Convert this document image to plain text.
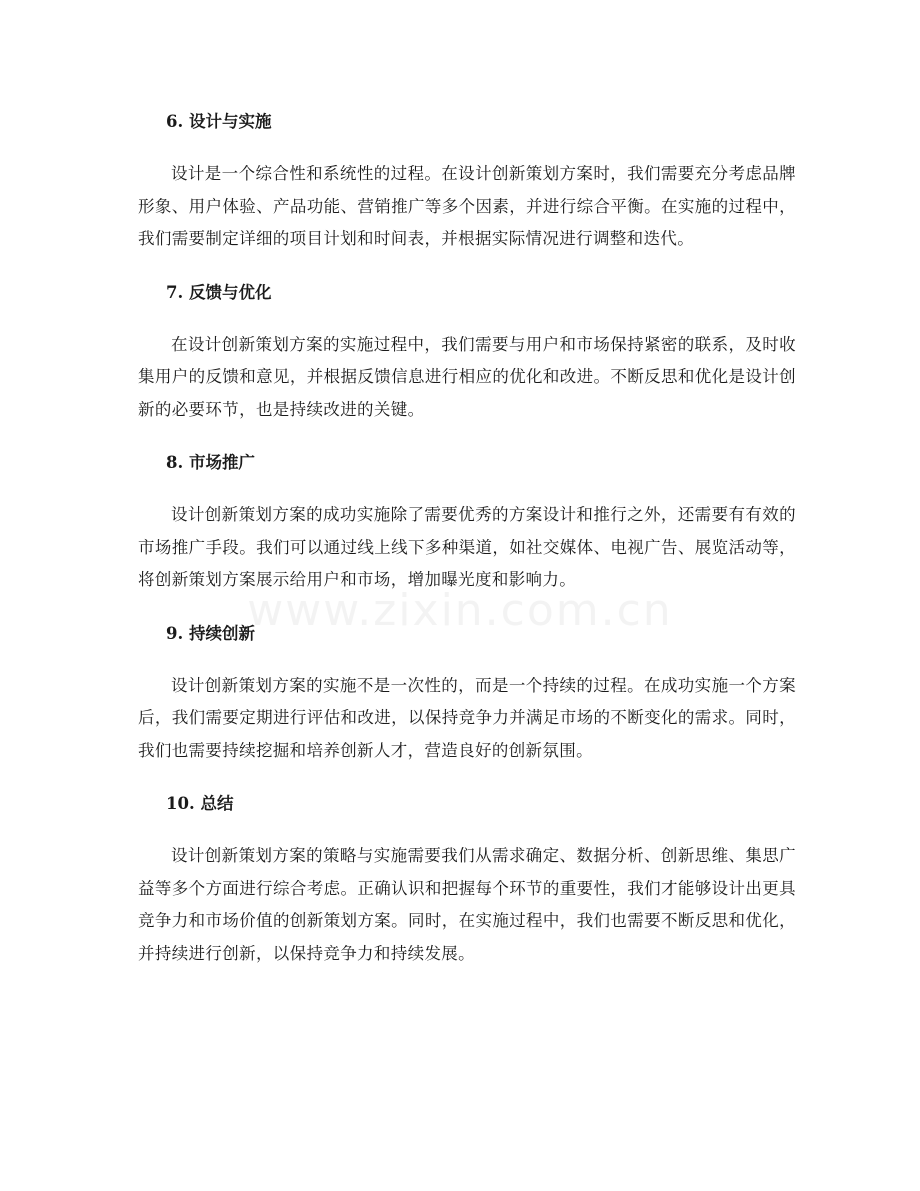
6. 设计与实施

设计是一个综合性和系统性的过程。在设计创新策划方案时，我们需要充分考虑品牌形象、用户体验、产品功能、营销推广等多个因素，并进行综合平衡。在实施的过程中，我们需要制定详细的项目计划和时间表，并根据实际情况进行调整和迭代。

7. 反馈与优化

在设计创新策划方案的实施过程中，我们需要与用户和市场保持紧密的联系，及时收集用户的反馈和意见，并根据反馈信息进行相应的优化和改进。不断反思和优化是设计创新的必要环节，也是持续改进的关键。

8. 市场推广

设计创新策划方案的成功实施除了需要优秀的方案设计和推行之外，还需要有有效的市场推广手段。我们可以通过线上线下多种渠道，如社交媒体、电视广告、展览活动等，将创新策划方案展示给用户和市场，增加曝光度和影响力。

9. 持续创新

设计创新策划方案的实施不是一次性的，而是一个持续的过程。在成功实施一个方案后，我们需要定期进行评估和改进，以保持竞争力并满足市场的不断变化的需求。同时，我们也需要持续挖掘和培养创新人才，营造良好的创新氛围。

10. 总结

设计创新策划方案的策略与实施需要我们从需求确定、数据分析、创新思维、集思广益等多个方面进行综合考虑。正确认识和把握每个环节的重要性，我们才能够设计出更具竞争力和市场价值的创新策划方案。同时，在实施过程中，我们也需要不断反思和优化，并持续进行创新，以保持竞争力和持续发展。

www.zixin.com.cn
